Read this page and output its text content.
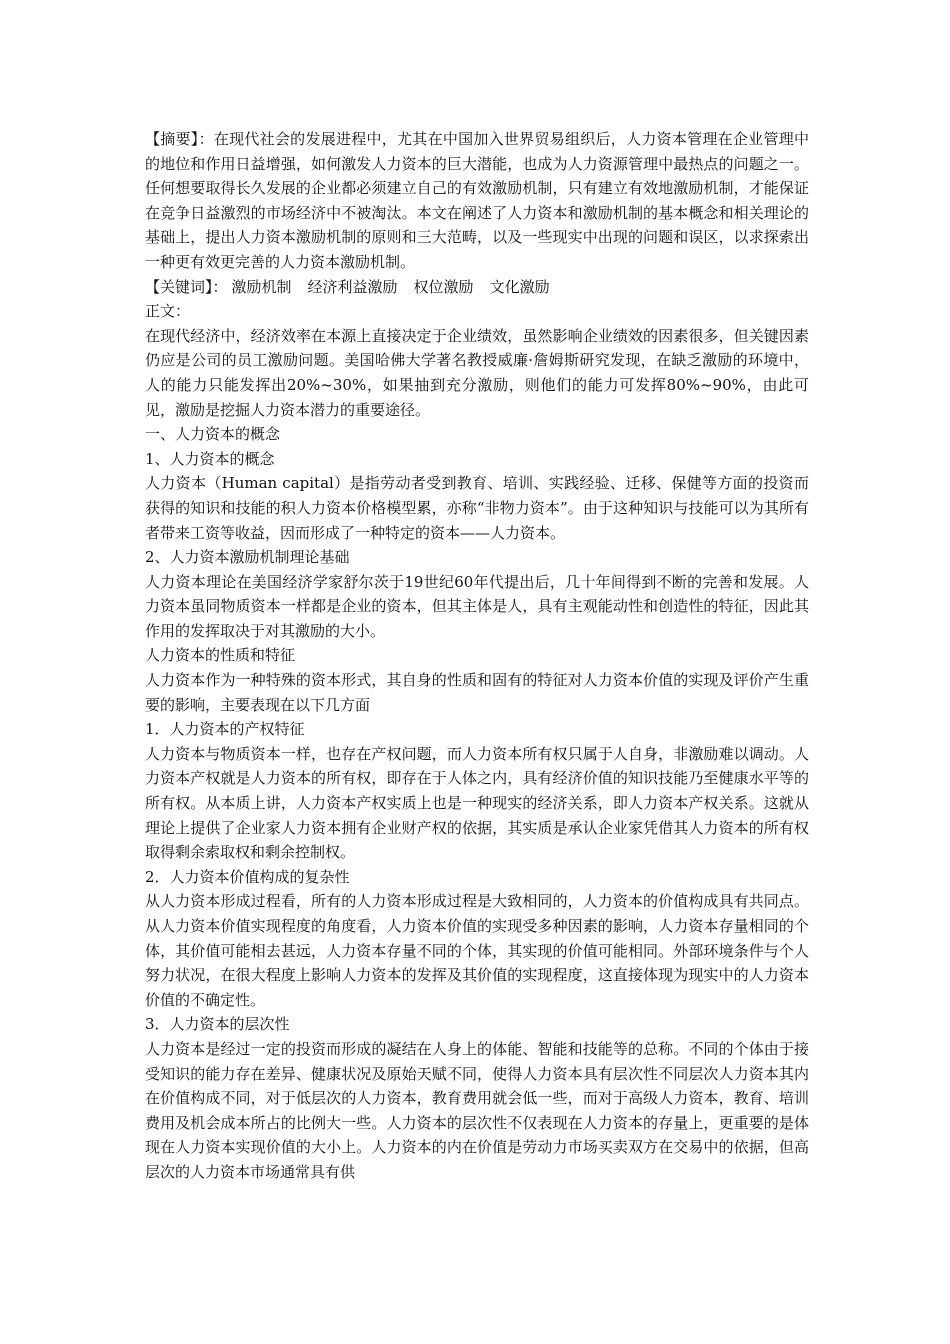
【摘要】：在现代社会的发展进程中，尤其在中国加入世界贸易组织后，人力资本管理在企业管理中的地位和作用日益增强，如何激发人力资本的巨大潜能，也成为人力资源管理中最热点的问题之一。任何想要取得长久发展的企业都必须建立自己的有效激励机制，只有建立有效地激励机制，才能保证在竞争日益激烈的市场经济中不被淘汰。本文在阐述了人力资本和激励机制的基本概念和相关理论的基础上，提出人力资本激励机制的原则和三大范畴，以及一些现实中出现的问题和误区，以求探索出一种更有效更完善的人力资本激励机制。

【关键词】： 激励机制 经济利益激励 权位激励 文化激励

正文：

在现代经济中，经济效率在本源上直接决定于企业绩效，虽然影响企业绩效的因素很多，但关键因素仍应是公司的员工激励问题。美国哈佛大学著名教授威廉·詹姆斯研究发现，在缺乏激励的环境中，人的能力只能发挥出20%~30%，如果抽到充分激励，则他们的能力可发挥80%~90%，由此可见，激励是挖掘人力资本潜力的重要途径。

一、人力资本的概念

1、人力资本的概念

人力资本（Human capital）是指劳动者受到教育、培训、实践经验、迁移、保健等方面的投资而获得的知识和技能的积人力资本价格模型累，亦称“非物力资本”。由于这种知识与技能可以为其所有者带来工资等收益，因而形成了一种特定的资本——人力资本。

2、人力资本激励机制理论基础

人力资本理论在美国经济学家舒尔茨于19世纪60年代提出后，几十年间得到不断的完善和发展。人力资本虽同物质资本一样都是企业的资本，但其主体是人，具有主观能动性和创造性的特征，因此其作用的发挥取决于对其激励的大小。

人力资本的性质和特征

人力资本作为一种特殊的资本形式，其自身的性质和固有的特征对人力资本价值的实现及评价产生重要的影响，主要表现在以下几方面

1．人力资本的产权特征

人力资本与物质资本一样，也存在产权问题，而人力资本所有权只属于人自身，非激励难以调动。人力资本产权就是人力资本的所有权，即存在于人体之内，具有经济价值的知识技能乃至健康水平等的所有权。从本质上讲，人力资本产权实质上也是一种现实的经济关系，即人力资本产权关系。这就从理论上提供了企业家人力资本拥有企业财产权的依据，其实质是承认企业家凭借其人力资本的所有权取得剩余索取权和剩余控制权。

2．人力资本价值构成的复杂性

从人力资本形成过程看，所有的人力资本形成过程是大致相同的，人力资本的价值构成具有共同点。从人力资本价值实现程度的角度看，人力资本价值的实现受多种因素的影响，人力资本存量相同的个体，其价值可能相去甚远，人力资本存量不同的个体，其实现的价值可能相同。外部环境条件与个人努力状况，在很大程度上影响人力资本的发挥及其价值的实现程度，这直接体现为现实中的人力资本价值的不确定性。

3．人力资本的层次性

人力资本是经过一定的投资而形成的凝结在人身上的体能、智能和技能等的总称。不同的个体由于接受知识的能力存在差异、健康状况及原始天赋不同，使得人力资本具有层次性不同层次人力资本其内在价值构成不同，对于低层次的人力资本，教育费用就会低一些，而对于高级人力资本，教育、培训费用及机会成本所占的比例大一些。人力资本的层次性不仅表现在人力资本的存量上，更重要的是体现在人力资本实现价值的大小上。人力资本的内在价值是劳动力市场买卖双方在交易中的依据，但高层次的人力资本市场通常具有供
